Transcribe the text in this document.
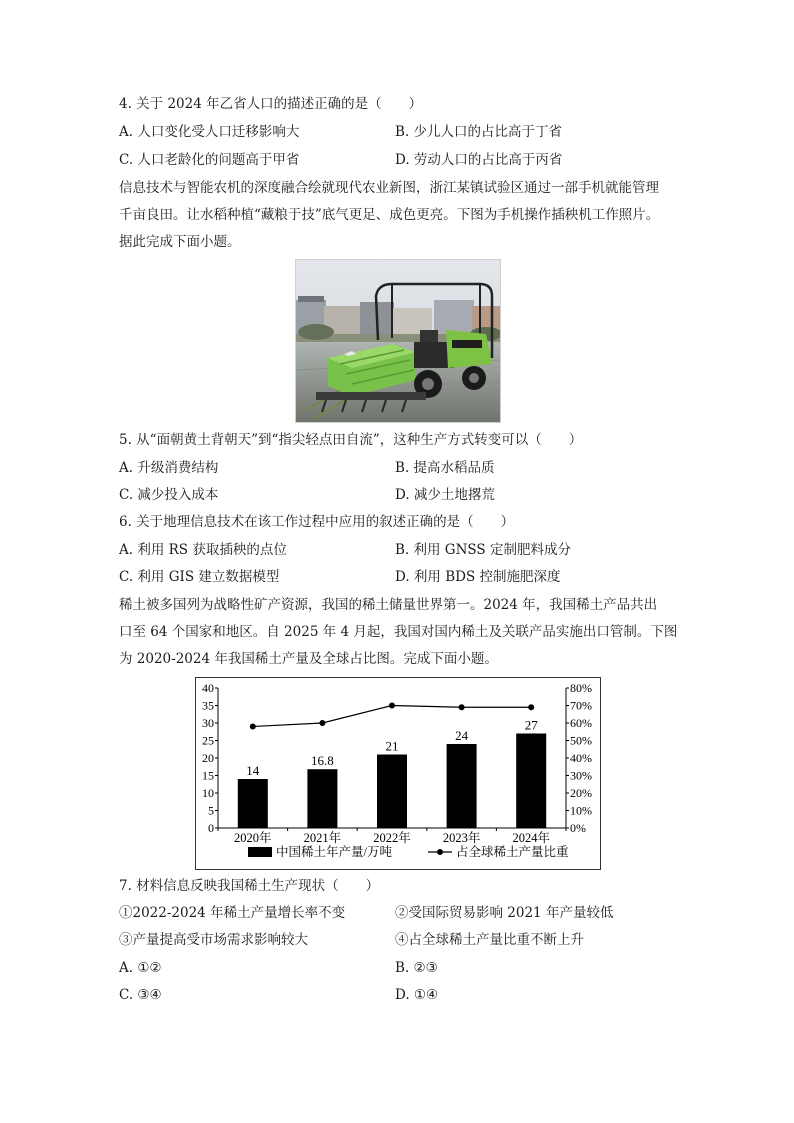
4. 关于 2024 年乙省人口的描述正确的是（　　）
A. 人口变化受人口迁移影响大	B. 少儿人口的占比高于丁省
C. 人口老龄化的问题高于甲省	D. 劳动人口的占比高于丙省
信息技术与智能农机的深度融合绘就现代农业新图，浙江某镇试验区通过一部手机就能管理
千亩良田。让水稻种植“藏粮于技”底气更足、成色更亮。下图为手机操作插秧机工作照片。
据此完成下面小题。
5. 从“面朝黄土背朝天”到“指尖轻点田自流”，这种生产方式转变可以（　　）
A. 升级消费结构	B. 提高水稻品质
C. 减少投入成本	D. 减少土地撂荒
6. 关于地理信息技术在该工作过程中应用的叙述正确的是（　　）
A. 利用 RS 获取插秧的点位	B. 利用 GNSS 定制肥料成分
C. 利用 GIS 建立数据模型	D. 利用 BDS 控制施肥深度
稀土被多国列为战略性矿产资源，我国的稀土储量世界第一。2024 年，我国稀土产品共出
口至 64 个国家和地区。自 2025 年 4 月起，我国对国内稀土及关联产品实施出口管制。下图
为 2020-2024 年我国稀土产量及全球占比图。完成下面小题。
0
5
10
15
20
25
30
35
40
0%
10%
20%
30%
40%
50%
60%
70%
80%
2020年	2021年	2022年	2023年	2024年
14
16.8
21
24
27
中国稀土年产量/万吨	占全球稀土产量比重
7. 材料信息反映我国稀土生产现状（　　）
①2022-2024 年稀土产量增长率不变	②受国际贸易影响 2021 年产量较低
③产量提高受市场需求影响较大	④占全球稀土产量比重不断上升
A. ①②	B. ②③
C. ③④	D. ①④
